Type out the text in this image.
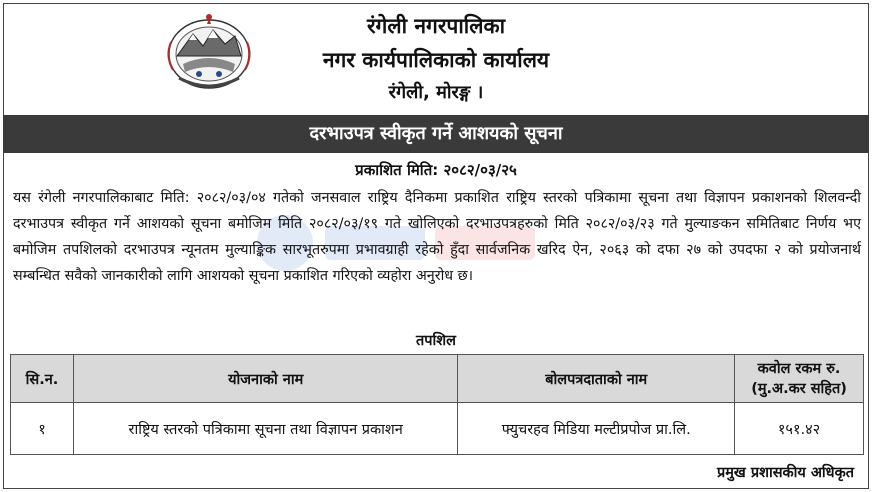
रंगेली नगरपालिका
नगर कार्यपालिकाको कार्यालय
रंगेली, मोरङ्ग ।
दरभाउपत्र स्वीकृत गर्ने आशयको सूचना
प्रकाशित मिति: २०८२/०३/२५
यस रंगेली नगरपालिकाबाट मिति: २०८२/०३/०४ गतेको जनसवाल राष्ट्रिय दैनिकमा प्रकाशित राष्ट्रिय स्तरको पत्रिकामा सूचना तथा विज्ञापन प्रकाशनको शिलवन्दी दरभाउपत्र स्वीकृत गर्ने आशयको सूचना बमोजिम मिति २०८२/०३/१९ गते खोलिएको दरभाउपत्रहरुको मिति २०८२/०३/२३ गते मुल्याङकन समितिबाट निर्णय भए बमोजिम तपशिलको दरभाउपत्र न्यूनतम मुल्याङ्किक सारभूतरुपमा प्रभावग्राही रहेको हुँदा सार्वजनिक खरिद ऐन, २०६३ को दफा २७ को उपदफा २ को प्रयोजनार्थ सम्बन्धित सवैको जानकारीको लागि आशयको सूचना प्रकाशित गरिएको व्यहोरा अनुरोध छ।
तपशिल
सि.न.	योजनाको नाम	बोलपत्रदाताको नाम	कवोल रकम रु.
(मु.अ.कर सहित)

१	राष्ट्रिय स्तरको पत्रिकामा सूचना तथा विज्ञापन प्रकाशन	फ्युचरहव मिडिया मल्टीप्रपोज प्रा.लि.	१५१.४२
प्रमुख प्रशासकीय अधिकृत
